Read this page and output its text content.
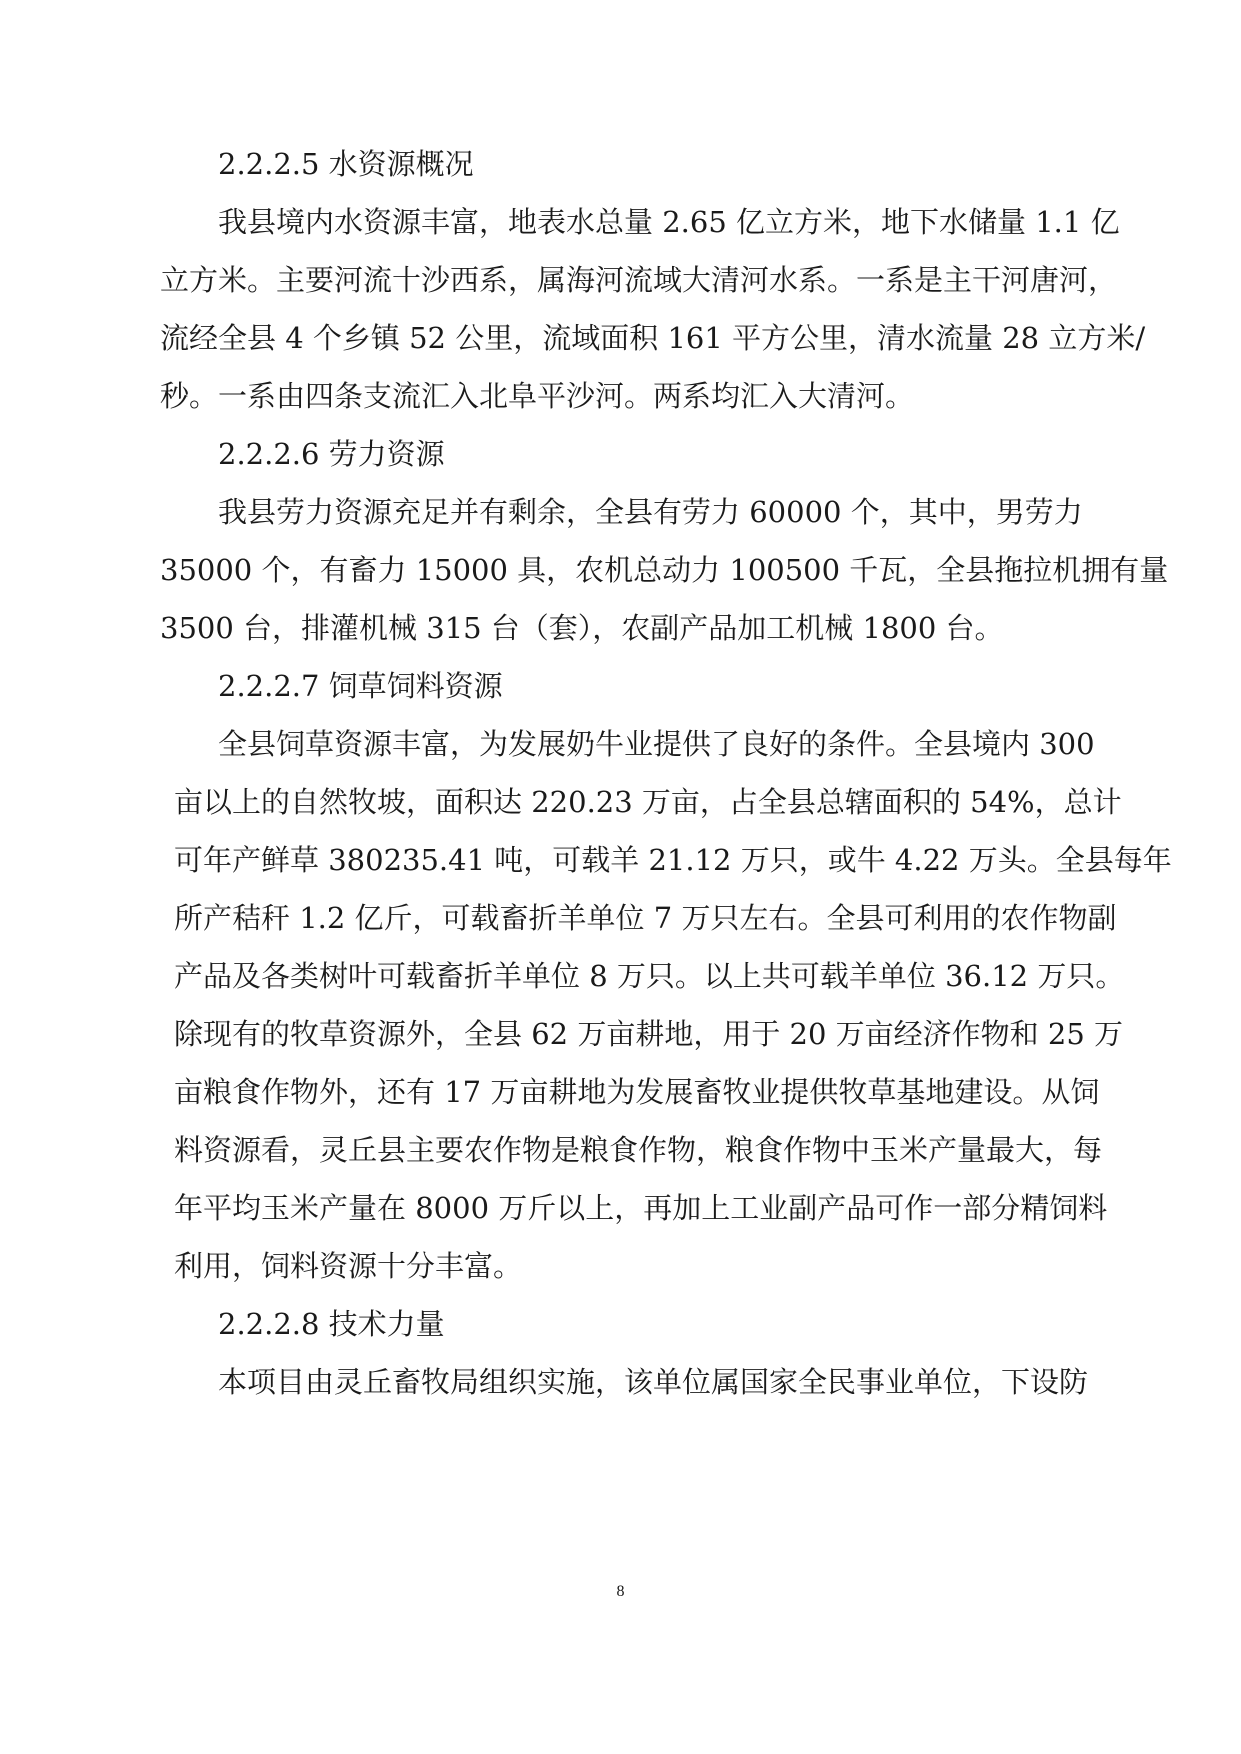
2.2.2.5 水资源概况
我县境内水资源丰富，地表水总量 2.65 亿立方米，地下水储量 1.1 亿
立方米。主要河流十沙西系，属海河流域大清河水系。一系是主干河唐河，
流经全县 4 个乡镇 52 公里，流域面积 161 平方公里，清水流量 28 立方米/
秒。一系由四条支流汇入北阜平沙河。两系均汇入大清河。
2.2.2.6 劳力资源
我县劳力资源充足并有剩余，全县有劳力 60000 个，其中，男劳力
35000 个，有畜力 15000 具，农机总动力 100500 千瓦，全县拖拉机拥有量
3500 台，排灌机械 315 台（套），农副产品加工机械 1800 台。
2.2.2.7 饲草饲料资源
全县饲草资源丰富，为发展奶牛业提供了良好的条件。全县境内 300
亩以上的自然牧坡，面积达 220.23 万亩，占全县总辖面积的 54%，总计
可年产鲜草 380235.41 吨，可载羊 21.12 万只，或牛 4.22 万头。全县每年
所产秸秆 1.2 亿斤，可载畜折羊单位 7 万只左右。全县可利用的农作物副
产品及各类树叶可载畜折羊单位 8 万只。以上共可载羊单位 36.12 万只。
除现有的牧草资源外，全县 62 万亩耕地，用于 20 万亩经济作物和 25 万
亩粮食作物外，还有 17 万亩耕地为发展畜牧业提供牧草基地建设。从饲
料资源看，灵丘县主要农作物是粮食作物，粮食作物中玉米产量最大，每
年平均玉米产量在 8000 万斤以上，再加上工业副产品可作一部分精饲料
利用，饲料资源十分丰富。
2.2.2.8 技术力量
本项目由灵丘畜牧局组织实施，该单位属国家全民事业单位，下设防
8
